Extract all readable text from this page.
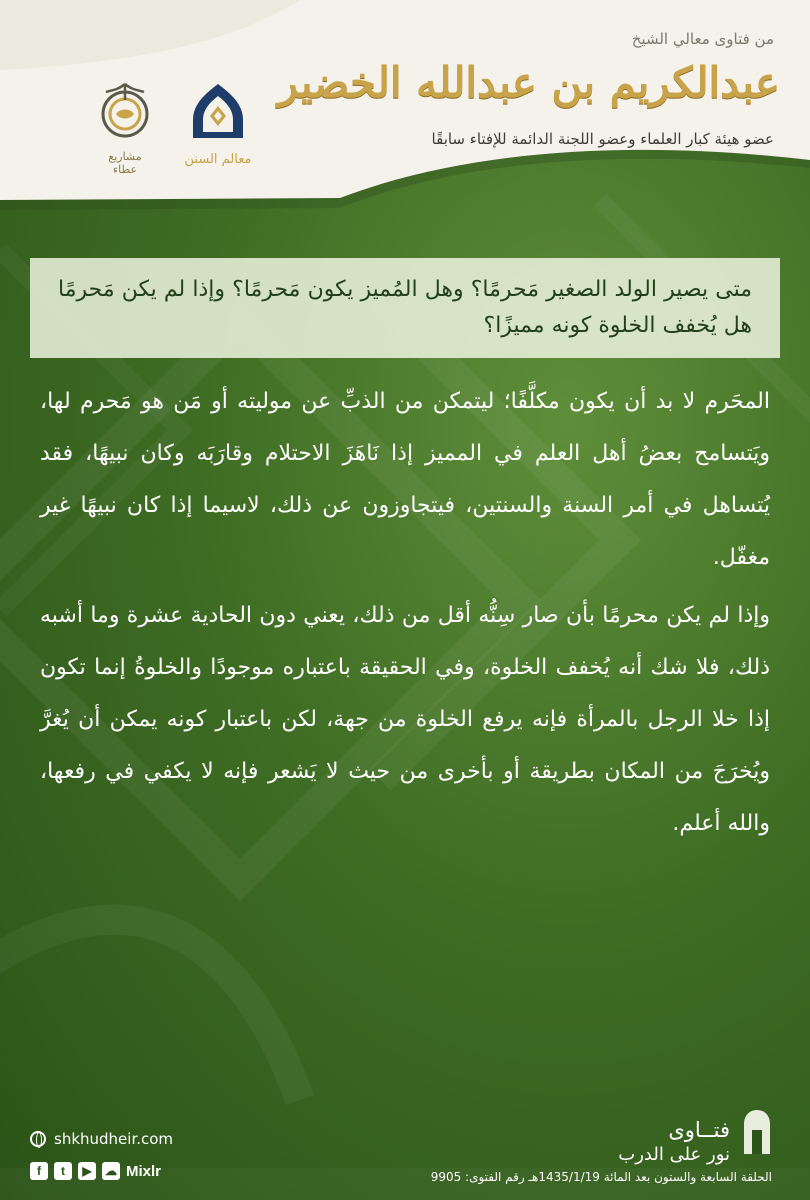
من فتاوى معالي الشيخ
عبدالكريم بن عبدالله الخضير
عضو هيئة كبار العلماء وعضو اللجنة الدائمة للإفتاء سابقًا
معالم السنن
مشاريع عطاء
متى يصير الولد الصغير مَحرمًا؟ وهل المُميز يكون مَحرمًا؟ وإذا لم يكن مَحرمًا هل يُخفف الخلوة كونه مميزًا؟

المحَرم لا بد أن يكون مكلَّفًا؛ ليتمكن من الذبِّ عن موليته أو مَن هو مَحرم لها، ويَتسامح بعضُ أهل العلم في المميز إذا نَاهَزَ الاحتلام وقارَبَه وكان نبيهًا، فقد يُتساهل في أمر السنة والسنتين، فيتجاوزون عن ذلك، لاسيما إذا كان نبيهًا غير مغفّل.

وإذا لم يكن محرمًا بأن صار سِنُّه أقل من ذلك، يعني دون الحادية عشرة وما أشبه ذلك، فلا شك أنه يُخفف الخلوة، وفي الحقيقة باعتباره موجودًا والخلوةُ إنما تكون إذا خلا الرجل بالمرأة فإنه يرفع الخلوة من جهة، لكن باعتبار كونه يمكن أن يُغرَّ ويُخرَجَ من المكان بطريقة أو بأخرى من حيث لا يَشعر فإنه لا يكفي في رفعها، والله أعلم.

shkhudheir.com
f	t	▶	☁ Mixlr
فتــاوى
نور على الدرب
الحلقة السابعة والستون بعد المائة 1435/1/19هـ رقم الفتوى: 9905
